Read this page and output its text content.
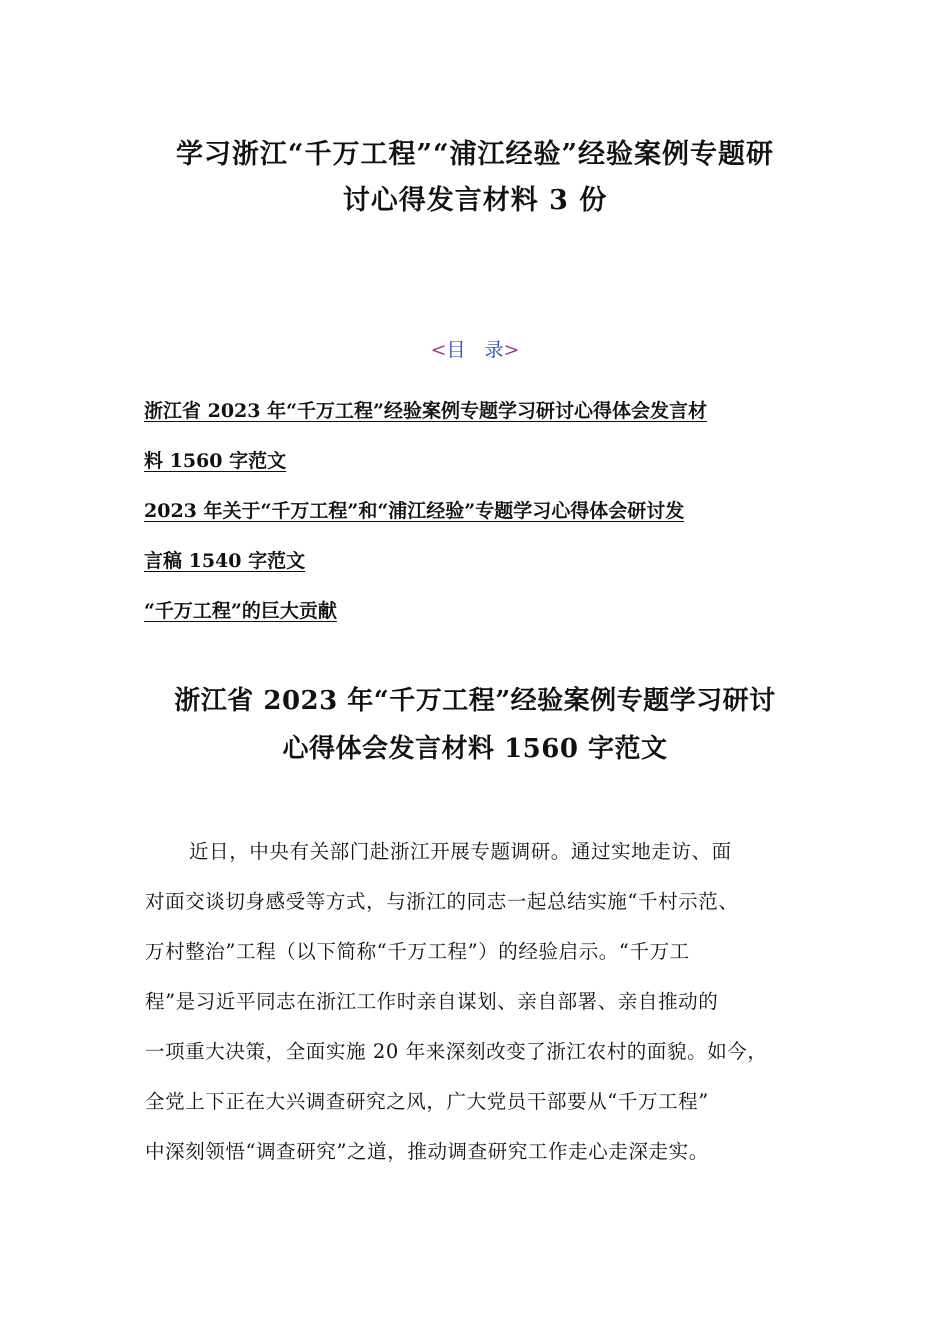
学习浙江“千万工程”“浦江经验”经验案例专题研
讨心得发言材料 3 份
<目　录>
浙江省 2023 年“千万工程”经验案例专题学习研讨心得体会发言材
料 1560 字范文
2023 年关于“千万工程”和“浦江经验”专题学习心得体会研讨发
言稿 1540 字范文
“千万工程”的巨大贡献
浙江省 2023 年“千万工程”经验案例专题学习研讨
心得体会发言材料 1560 字范文
近日，中央有关部门赴浙江开展专题调研。通过实地走访、面
对面交谈切身感受等方式，与浙江的同志一起总结实施“千村示范、
万村整治”工程（以下简称“千万工程”）的经验启示。“千万工
程”是习近平同志在浙江工作时亲自谋划、亲自部署、亲自推动的
一项重大决策，全面实施 20 年来深刻改变了浙江农村的面貌。如今，
全党上下正在大兴调查研究之风，广大党员干部要从“千万工程”
中深刻领悟“调查研究”之道，推动调查研究工作走心走深走实。
